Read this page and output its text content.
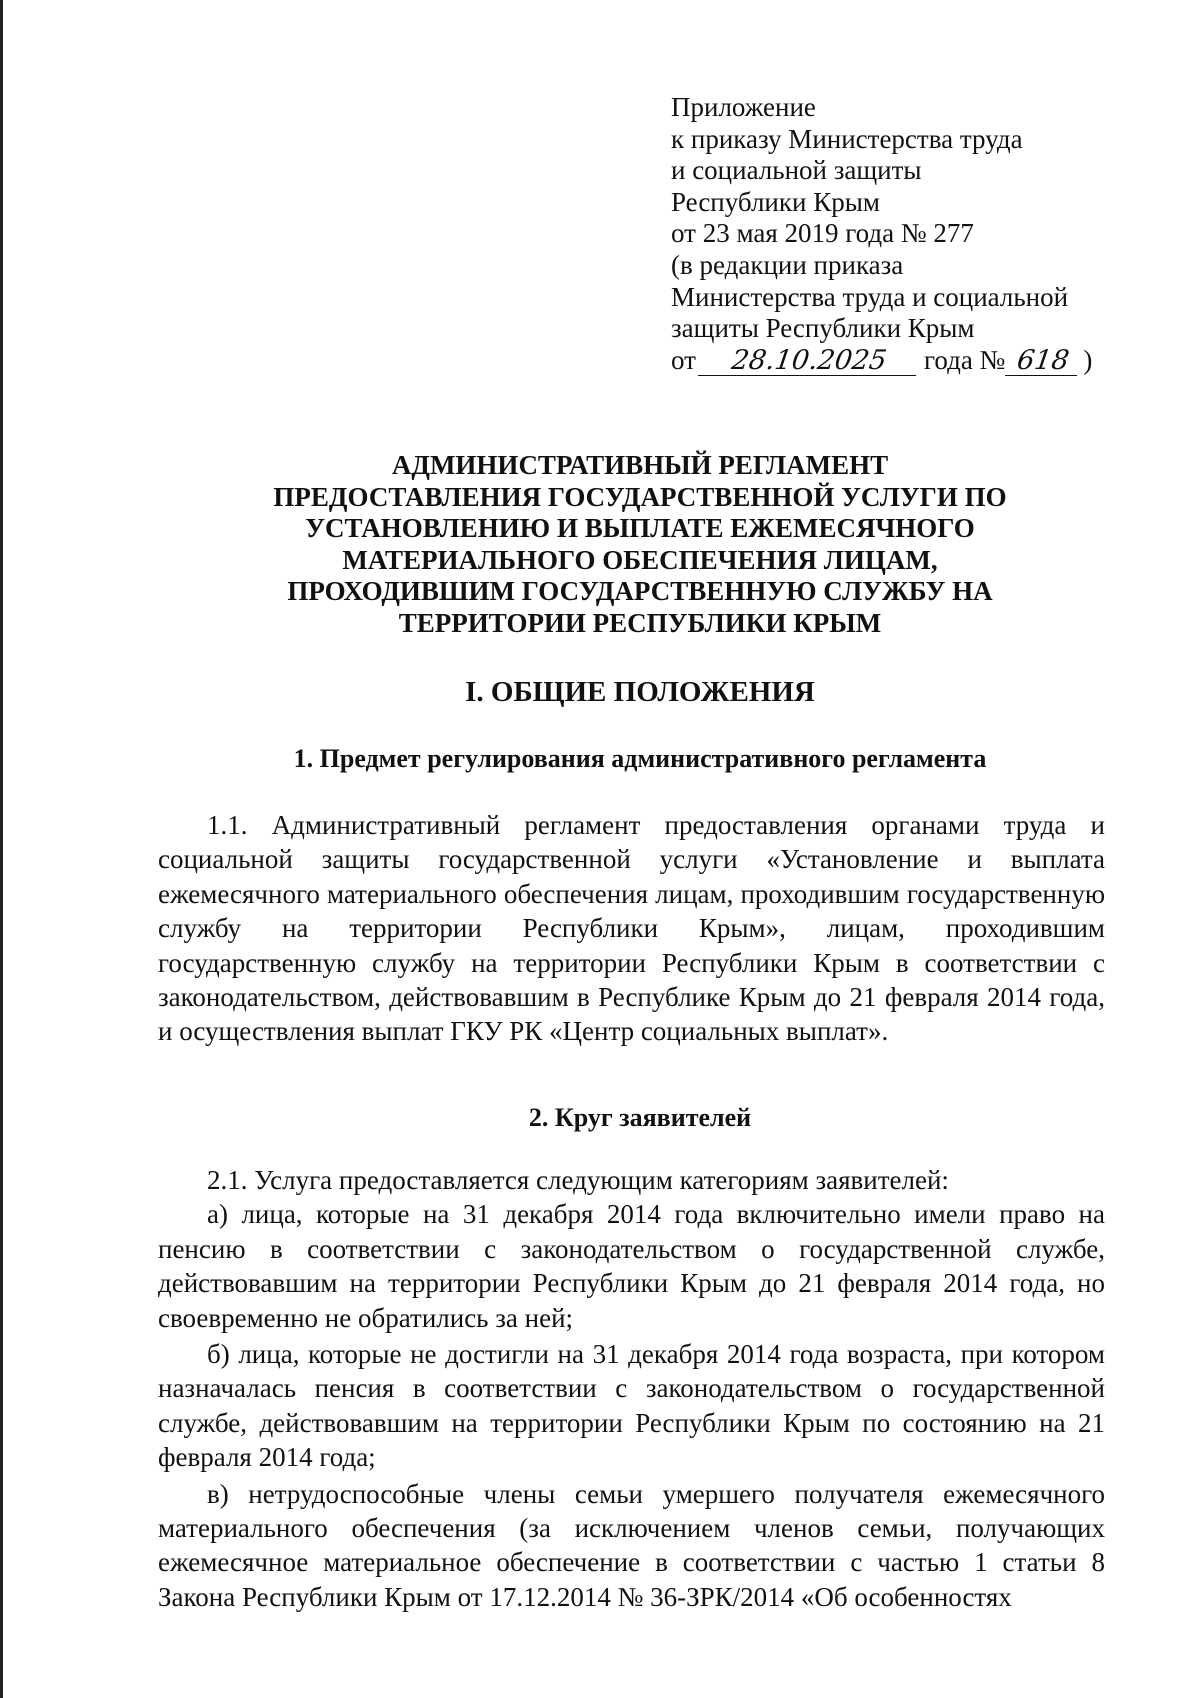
Приложение
к приказу Министерства труда
и социальной защиты
Республики Крым
от 23 мая 2019 года № 277
(в редакции приказа
Министерства труда и социальной
защиты Республики Крым
от 28.10.2025 года № 618 )
АДМИНИСТРАТИВНЫЙ РЕГЛАМЕНТ
ПРЕДОСТАВЛЕНИЯ ГОСУДАРСТВЕННОЙ УСЛУГИ ПО
УСТАНОВЛЕНИЮ И ВЫПЛАТЕ ЕЖЕМЕСЯЧНОГО
МАТЕРИАЛЬНОГО ОБЕСПЕЧЕНИЯ ЛИЦАМ,
ПРОХОДИВШИМ ГОСУДАРСТВЕННУЮ СЛУЖБУ НА
ТЕРРИТОРИИ РЕСПУБЛИКИ КРЫМ
I. ОБЩИЕ ПОЛОЖЕНИЯ
1. Предмет регулирования административного регламента

1.1. Административный регламент предоставления органами труда и социальной защиты государственной услуги «Установление и выплата ежемесячного материального обеспечения лицам, проходившим государственную службу на территории Республики Крым», лицам, проходившим государственную службу на территории Республики Крым в соответствии с законодательством, действовавшим в Республике Крым до 21 февраля 2014 года, и осуществления выплат ГКУ РК «Центр социальных выплат».

2. Круг заявителей

2.1. Услуга предоставляется следующим категориям заявителей:

а) лица, которые на 31 декабря 2014 года включительно имели право на пенсию в соответствии с законодательством о государственной службе, действовавшим на территории Республики Крым до 21 февраля 2014 года, но своевременно не обратились за ней;

б) лица, которые не достигли на 31 декабря 2014 года возраста, при котором назначалась пенсия в соответствии с законодательством о государственной службе, действовавшим на территории Республики Крым по состоянию на 21 февраля 2014 года;

в) нетрудоспособные члены семьи умершего получателя ежемесячного материального обеспечения (за исключением членов семьи, получающих ежемесячное материальное обеспечение в соответствии с частью 1 статьи 8 Закона Республики Крым от 17.12.2014 № 36-ЗРК/2014 «Об особенностях
